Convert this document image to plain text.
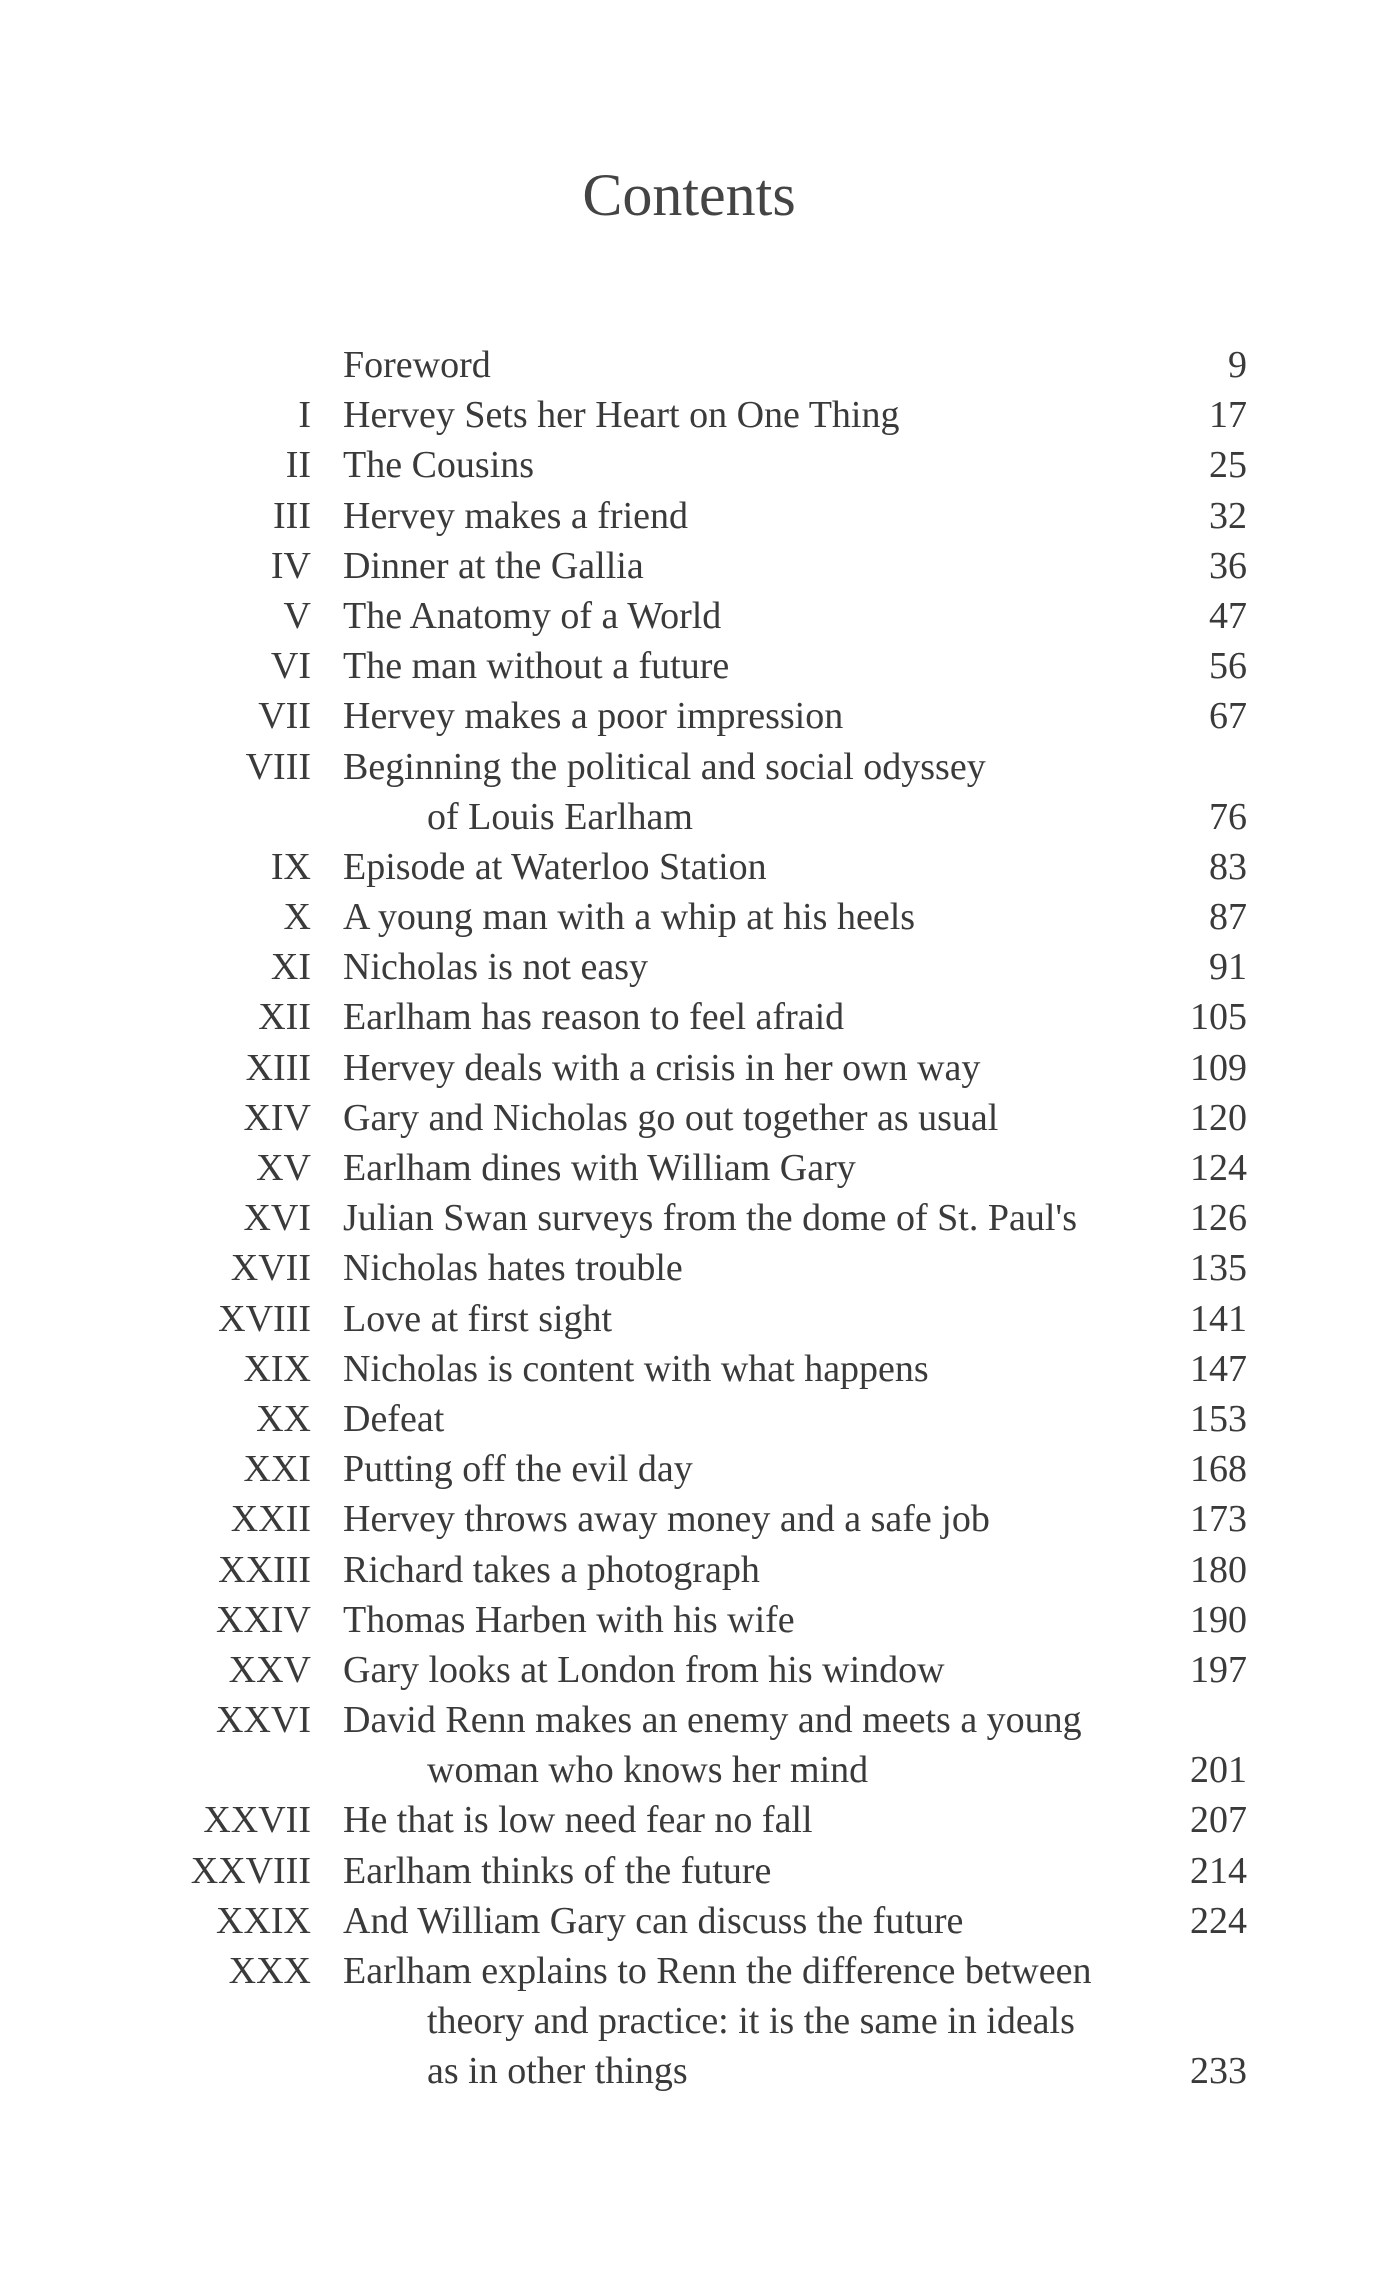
Contents
Foreword	9
I Hervey Sets her Heart on One Thing	17
II The Cousins	25
III Hervey makes a friend	32
IV Dinner at the Gallia	36
V The Anatomy of a World	47
VI The man without a future	56
VII Hervey makes a poor impression	67
VIII Beginning the political and social odyssey
of Louis Earlham	76
IX Episode at Waterloo Station	83
X A young man with a whip at his heels	87
XI Nicholas is not easy	91
XII Earlham has reason to feel afraid	105
XIII Hervey deals with a crisis in her own way	109
XIV Gary and Nicholas go out together as usual	120
XV Earlham dines with William Gary	124
XVI Julian Swan surveys from the dome of St. Paul's	126
XVII Nicholas hates trouble	135
XVIII Love at first sight	141
XIX Nicholas is content with what happens	147
XX Defeat	153
XXI Putting off the evil day	168
XXII Hervey throws away money and a safe job	173
XXIII Richard takes a photograph	180
XXIV Thomas Harben with his wife	190
XXV Gary looks at London from his window	197
XXVI David Renn makes an enemy and meets a young
woman who knows her mind	201
XXVII He that is low need fear no fall	207
XXVIII Earlham thinks of the future	214
XXIX And William Gary can discuss the future	224
XXX Earlham explains to Renn the difference between
theory and practice: it is the same in ideals
as in other things	233
